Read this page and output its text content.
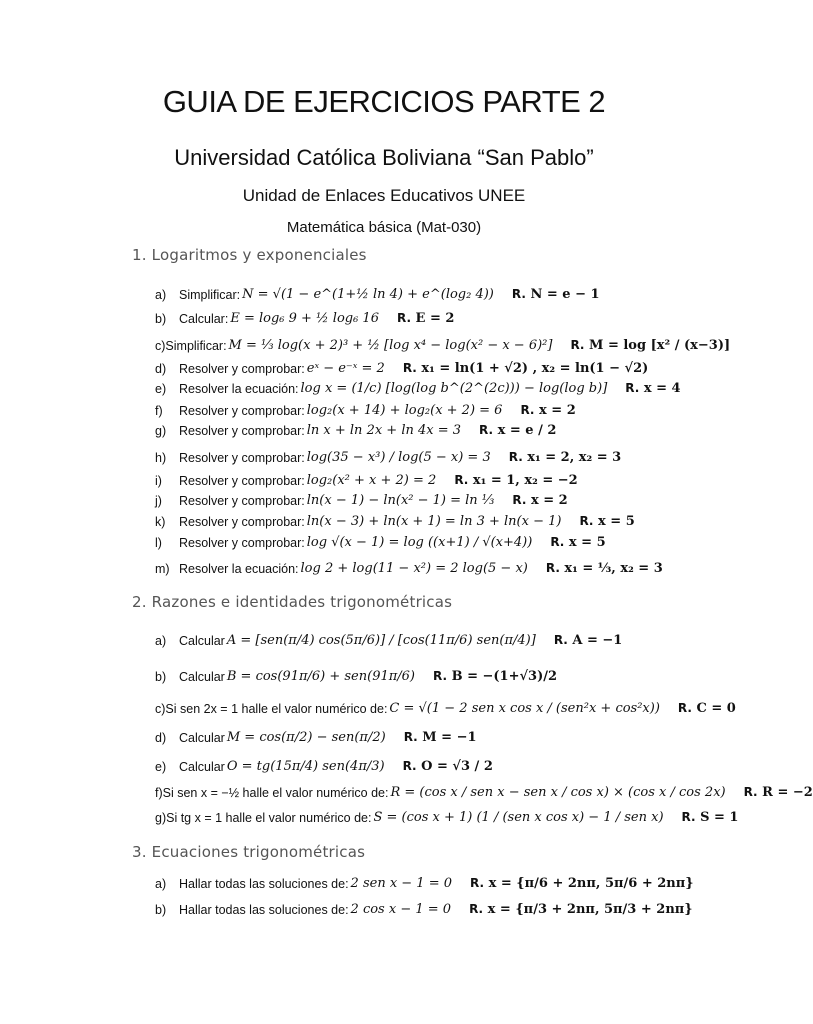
GUIA DE EJERCICIOS PARTE 2
Universidad Católica Boliviana “San Pablo”
Unidad de Enlaces Educativos UNEE
Matemática básica (Mat-030)
1. Logaritmos y exponenciales
a)	Simplificar: N = √(1 − e^(1+½ ln 4) + e^(log₂ 4)) R. N = e − 1
b)	Calcular: E = log₆ 9 + ½ log₆ 16 R. E = 2
c) Simplificar: M = ⅓ log(x + 2)³ + ½ [log x⁴ − log(x² − x − 6)²] R. M = log [x² / (x−3)]
d)	Resolver y comprobar: eˣ − e⁻ˣ = 2 R. x₁ = ln(1 + √2) , x₂ = ln(1 − √2)
e)	Resolver la ecuación: log x = (1/c) [log(log b^(2^(2c))) − log(log b)] R. x = 4
f)	Resolver y comprobar: log₂(x + 14) + log₂(x + 2) = 6 R. x = 2
g)	Resolver y comprobar: ln x + ln 2x + ln 4x = 3 R. x = e / 2
h)	Resolver y comprobar: log(35 − x³) / log(5 − x) = 3 R. x₁ = 2, x₂ = 3
i)	Resolver y comprobar: log₂(x² + x + 2) = 2 R. x₁ = 1, x₂ = −2
j)	Resolver y comprobar: ln(x − 1) − ln(x² − 1) = ln ⅓ R. x = 2
k)	Resolver y comprobar: ln(x − 3) + ln(x + 1) = ln 3 + ln(x − 1) R. x = 5
l)	Resolver y comprobar: log √(x − 1) = log ((x+1) / √(x+4)) R. x = 5
m) Resolver la ecuación: log 2 + log(11 − x²) = 2 log(5 − x) R. x₁ = ⅓, x₂ = 3
2. Razones e identidades trigonométricas
a)	Calcular A = [sen(π/4) cos(5π/6)] / [cos(11π/6) sen(π/4)] R. A = −1
b)	Calcular B = cos(91π/6) + sen(91π/6) R. B = −(1+√3)/2
c) Si sen 2x = 1 halle el valor numérico de: C = √(1 − 2 sen x cos x / (sen²x + cos²x)) R. C = 0
d)	Calcular M = cos(π/2) − sen(π/2) R. M = −1
e)	Calcular O = tg(15π/4) sen(4π/3) R. O = √3 / 2
f) Si sen x = −½ halle el valor numérico de: R = (cos x / sen x − sen x / cos x) × (cos x / cos 2x) R. R = −2
g) Si tg x = 1 halle el valor numérico de: S = (cos x + 1) (1 / (sen x cos x) − 1 / sen x) R. S = 1
3. Ecuaciones trigonométricas
a)	Hallar todas las soluciones de: 2 sen x − 1 = 0 R. x = {π/6 + 2nπ, 5π/6 + 2nπ}
b)	Hallar todas las soluciones de: 2 cos x − 1 = 0 R. x = {π/3 + 2nπ, 5π/3 + 2nπ}
